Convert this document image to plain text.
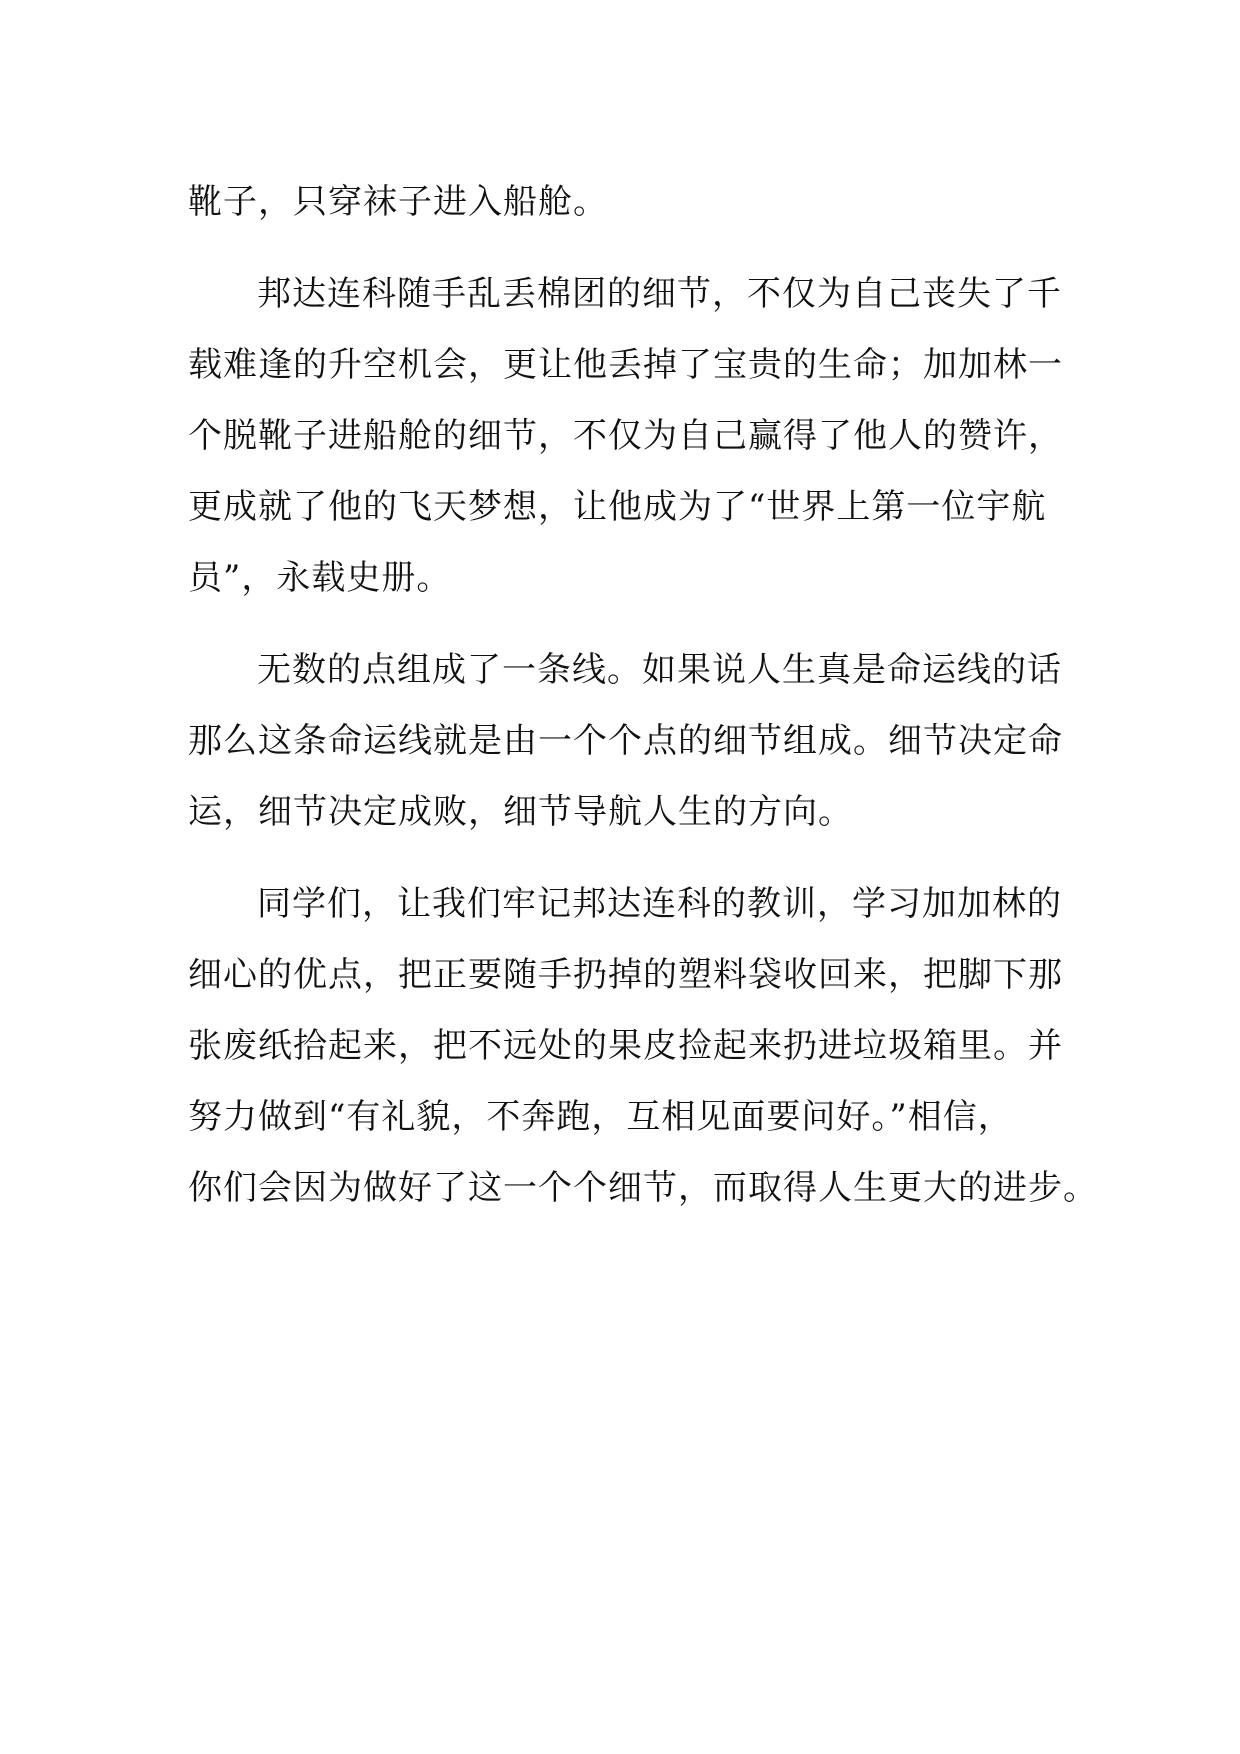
靴子，只穿袜子进入船舱。
邦达连科随手乱丢棉团的细节，不仅为自己丧失了千
载难逢的升空机会，更让他丢掉了宝贵的生命；加加林一
个脱靴子进船舱的细节，不仅为自己赢得了他人的赞许，
更成就了他的飞天梦想，让他成为了“世界上第一位宇航
员”，永载史册。
无数的点组成了一条线。如果说人生真是命运线的话
那么这条命运线就是由一个个点的细节组成。细节决定命
运，细节决定成败，细节导航人生的方向。
同学们，让我们牢记邦达连科的教训，学习加加林的
细心的优点，把正要随手扔掉的塑料袋收回来，把脚下那
张废纸拾起来，把不远处的果皮捡起来扔进垃圾箱里。并
努力做到“有礼貌，不奔跑，互相见面要问好。”相信，
你们会因为做好了这一个个细节，而取得人生更大的进步。
